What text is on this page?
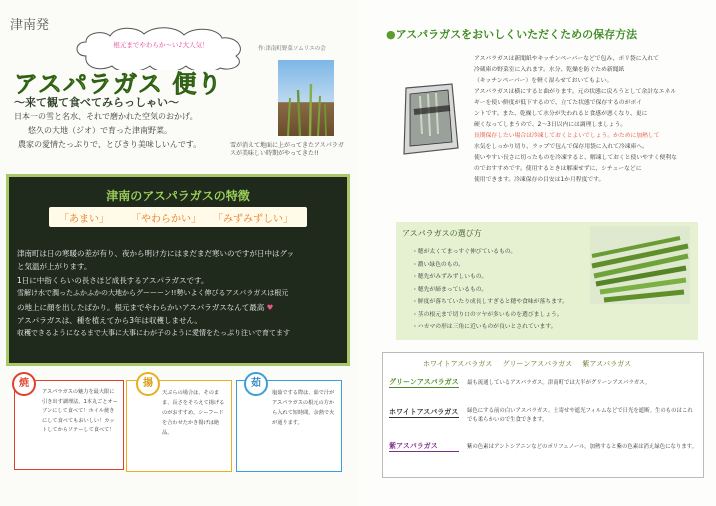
津南発
根元までやわらか〜い♪大人気！	作:津南町野菜ソムリエの会
アスパラガス 便り
〜来て観て食べてみらっしゃい〜
日本一の雪と名水、それで磨かれた空気のおかげ。
悠久の大地（ジオ）で育った津南野菜。
農家の愛情たっぷりで、とびきり美味しいんです。	雪が消えて地面に上がってきたアスパラガスが美味しい時期がやってきた!!
津南のアスパラガスの特徴
「あまい」 「やわらかい」 「みずみずしい」
津南町は日の寒暖の差が有り、夜から明け方にはまだまだ寒いのですが日中はグッ
と気温が上がります。
1日に中指くらいの長さほど成長するアスパラガスです。
雪解け水で潤ったふかふかの大地からグーーーン!!勢いよく伸びるアスパラガスは根元
の地上に顔を出したばかり。根元までやわらかいアスパラガスなんて最高 ♥
アスパラガスは、種を植えてから3年は収穫しません。
収穫できるようになるまで大事に大事にわが子のように愛情をたっぷり注いで育てます
焼
アスパラガスの魅力を最大限に引き出す調理法。1本丸ごとオーブンにして食べて！ホイル焼きにして食べてもおいしい！カットしてからソテーして食べて！
揚
天ぷらの場合は、そのまま、長さをそろえて揚げるのがおすすめ。シーフードを合わせたかき揚げは絶品。
茹
塩茹でする際は、茹で汁がアスパラガスの根元の方から入れて短時間。余熱で火が通ります。
●アスパラガスをおいしくいただくための保存方法
アスパラガスは新聞紙やキッチンペーパーなどで包み、ポリ袋に入れて
冷蔵庫の野菜室に入れます。水分、乾燥を防ぐため新聞紙
（キッチンペーパー）を軽く湿らせておいてもよい。
アスパラガスは横にすると曲がります。元の状態に戻ろうとして余計なエネル
ギーを使い鮮度が低下するので、立てた状態で保存するのがポイ
ントです。また、乾燥して水分が失われると食感が悪くなり、更に
硬くなってしまうので、2〜3日以内には調理しましょう。
長期保存したい場合は冷凍しておくとよいでしょう。かために加熱して
水気をしっかり切り、ラップで包んで保存用袋に入れて冷凍庫へ。
使いやすい長さに切ったものを冷凍すると、解凍しておくと使いやすく便利な
のでおすすめです。使用するときは解凍せずに、シチューなどに
使用できます。冷凍保存の目安は1か月程度です。
アスパラガスの選び方
・穂が太くてまっすぐ伸びているもの。
・濃い緑色のもの。
・穂先がみずみずしいもの。
・穂先が締まっているもの。
・鮮度が落ちていたり成長しすぎると穂や食味が落ちます。
・茎の根元まで切り口のツヤが多いものを選びましょう。
・ハカマの形は三角に近いものが良いとされています。
ホワイトアスパラガス グリーンアスパラガス 紫アスパラガス
グリーンアスパラガス 最も流通しているアスパラガス。津南町では大半がグリーンアスパラガス。
ホワイトアスパラガス 緑色にする前の白いアスパラガス。土寄せや遮光フィルムなどで日光を遮断。生のものはこれでも柔らかいので生食できます。
紫アスパラガス	紫の色素はアントシアニンなどのポリフェノール。加熱すると紫の色素は消え緑色になります。
